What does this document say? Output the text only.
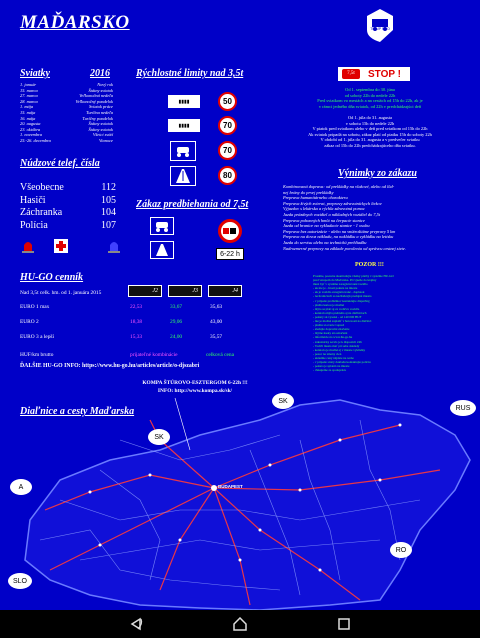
MAĎARSKO	TRIMP PRO
Sviatky	2016
1. január	Nový rok
15. marca	Štátny sviatok
27. marca	Veľkonočná nedeľa
28. marca	Veľkonočný pondelok
1. mája	Sviatok práce
15. mája	Turíčna nedeľa
16. mája	Turíčny pondelok
20. augusta	Štátny sviatok
23. októbra	Štátny sviatok
1. novembra	Všetci svätí
25.-26. decembra	Vianoce
Núdzové telef. čísla
Všeobecne	112
Hasiči	105
Záchranka	104
Polícia	107
Rýchlostné limity nad 3,5t
▮▮▮▮	50
▮▮▮▮	70
70
80
Zákaz predbiehania od 7,5t
6-22 h
7,5t	STOP !
Od 1. septembra do 30. júna
od soboty 22h do nedele 22h
Pred sviatkom vo mestách a na cestách od 15h do 22h, ak je
v rámci jedného dňa sviatok, od 22h v predchádzajúci deň
Od 1. júla do 31. augusta
v sobotu 15h do nedele 22h
V piatok pred sviatkom alebo v deň pred sviatkom od 15h do 22h
Ak sviatok pripadá na sobotu, zákaz platí od piatku 15h do soboty 22h
V období od 1. júla do 31. augusta a v predvečer sviatku
zákaz od 15h do 22h predchádzajúceho dňa sviatku.
Výnimky zo zákazu
Kombinovaná doprava: od prekládky na vlakové, alebo od lôd-
nej brány do prvej prekládky
Preprava humanitárneho charakteru
Preprava živých zvierat, prepravy zdravotníckych liekov
Výjazdov s lekárska a rýchla zdravotná pomoc
Jazda prázdnych vozidiel a nákladných vozidiel do 7,5t
Preprava pohonných hmôt na čerpacie stanice
Jazda od hranice na vykladacie stanice - 1 osobu
Preprava bez autorizácie - alebo na vnútroštátne prepravy 5 km
Preprava na dovoz nákladu, na nakládku a vykládku na letisku
Jazda do servisu alebo na technickú prehliadku
Nadrozmerné prepravy na základe povolenia od správcu cestnej siete.
POZOR !!!
Prosíme, pozorne skontrolujte všetky platby v systéme HU-GO
pred vstupom do Maďarska. Pri vjazde do krajiny
musí byť v systéme zaregistrované vozidlo
- ak nie je - hrozí pokuta na mieste
- ak je vozidlo zaregistrované - doplatok
- na hraniciach sa nachádzajú predajné miesta
- v prípade problémov kontaktujte dispečing
- platba kartou je možná
- mýto sa platí aj za vodičov vozidla
- kontrola mýta prebieha aj na diaľniciach
- pokuty sú vysoké - od 140 000 HUF
- nie je možné zaplatiť v hotovosti na diaľnici
- platbu si overte vopred
- sledujte dopravné značenie
- mýtne úseky sú označené
- informácie na www.hu-go.hu
- zákaznícky servis je k dispozícii 24h
- Vodiči musia mať pri sebe doklady
- kontrola je možná aj v mieste vykládky
- pozor na zmeny cien
- aktuálne ceny nájdete na webe
- v prípade straty dokladu kontaktujte políciu
- pokuta je splatná na mieste
- ďakujeme za spoluprácu
HU-GO cenník
Nad 3,5t celk. hm. od 1. januára 2015	J2	J3	J4
EURO 1 max	22,53	33,67	35,63
EURO 2	18,38	29,06	43,00
EURO 3 a lepší	15,33	24,00	35,57
HUF/km brutto	prijateľné kombinácie	celková cena
ĎALŠIE HU-GO INFO: https://www.hu-go.hu/articles/article/o-djszabri
KOMPA ŠTÚROVO-ESZTERGOM 6-22h !!!
INFO: http://www.kompa.sk/sk/
Diaľnice a cesty Maďarska
BUDAPEST
SK
SK
RUS
A
SLO
RO
